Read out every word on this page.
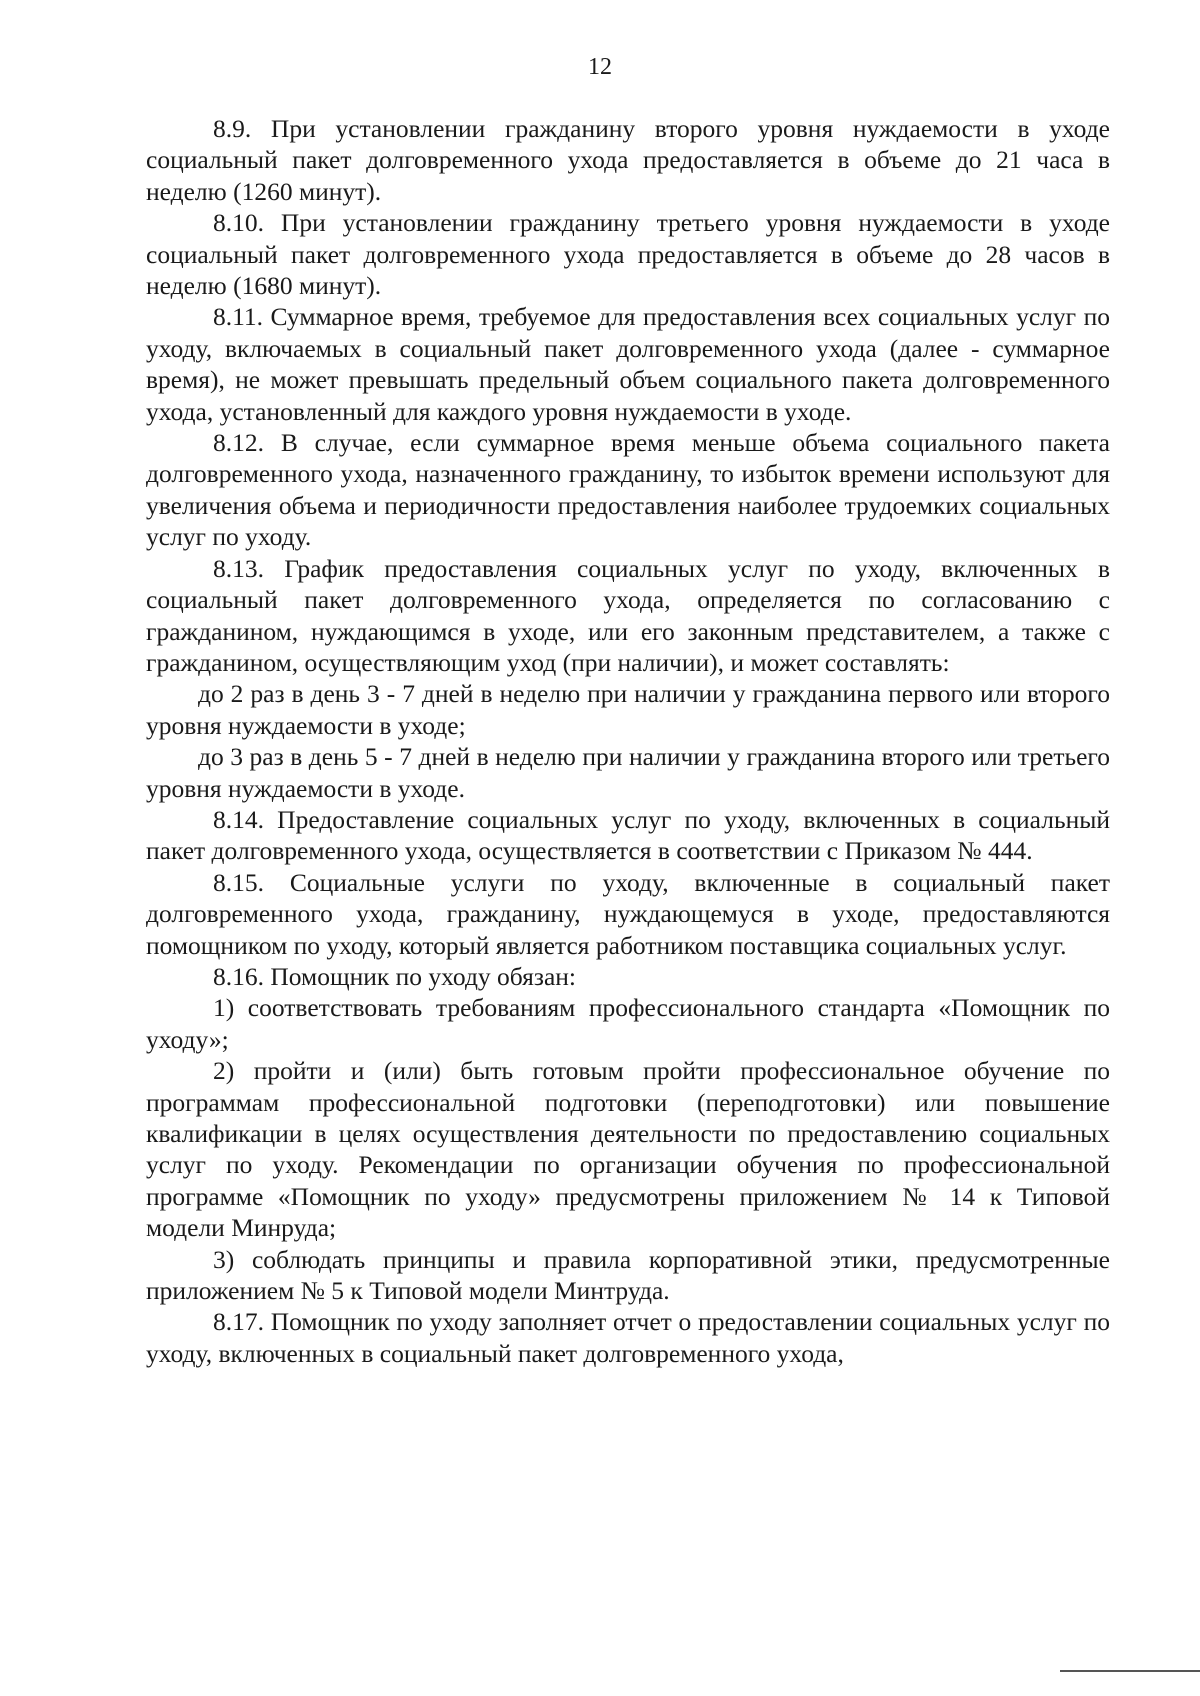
12

8.9. При установлении гражданину второго уровня нуждаемости в уходе социальный пакет долговременного ухода предоставляется в объеме до 21 часа в неделю (1260 минут).

8.10. При установлении гражданину третьего уровня нуждаемости в уходе социальный пакет долговременного ухода предоставляется в объеме до 28 часов в неделю (1680 минут).

8.11. Суммарное время, требуемое для предоставления всех социальных услуг по уходу, включаемых в социальный пакет долговременного ухода (далее - суммарное время), не может превышать предельный объем социального пакета долговременного ухода, установленный для каждого уровня нуждаемости в уходе.

8.12. В случае, если суммарное время меньше объема социального пакета долговременного ухода, назначенного гражданину, то избыток времени используют для увеличения объема и периодичности предоставления наиболее трудоемких социальных услуг по уходу.

8.13. График предоставления социальных услуг по уходу, включенных в социальный пакет долговременного ухода, определяется по согласованию с гражданином, нуждающимся в уходе, или его законным представителем, а также с гражданином, осуществляющим уход (при наличии), и может составлять:

до 2 раз в день 3 - 7 дней в неделю при наличии у гражданина первого или второго уровня нуждаемости в уходе;

до 3 раз в день 5 - 7 дней в неделю при наличии у гражданина второго или третьего уровня нуждаемости в уходе.

8.14. Предоставление социальных услуг по уходу, включенных в социальный пакет долговременного ухода, осуществляется в соответствии с Приказом № 444.

8.15. Социальные услуги по уходу, включенные в социальный пакет долговременного ухода, гражданину, нуждающемуся в уходе, предоставляются помощником по уходу, который является работником поставщика социальных услуг.

8.16. Помощник по уходу обязан:

1) соответствовать требованиям профессионального стандарта «Помощник по уходу»;

2) пройти и (или) быть готовым пройти профессиональное обучение по программам профессиональной подготовки (переподготовки) или повышение квалификации в целях осуществления деятельности по предоставлению социальных услуг по уходу. Рекомендации по организации обучения по профессиональной программе «Помощник по уходу» предусмотрены приложением № 14 к Типовой модели Минруда;

3) соблюдать принципы и правила корпоративной этики, предусмотренные приложением № 5 к Типовой модели Минтруда.

8.17. Помощник по уходу заполняет отчет о предоставлении социальных услуг по уходу, включенных в социальный пакет долговременного ухода,
